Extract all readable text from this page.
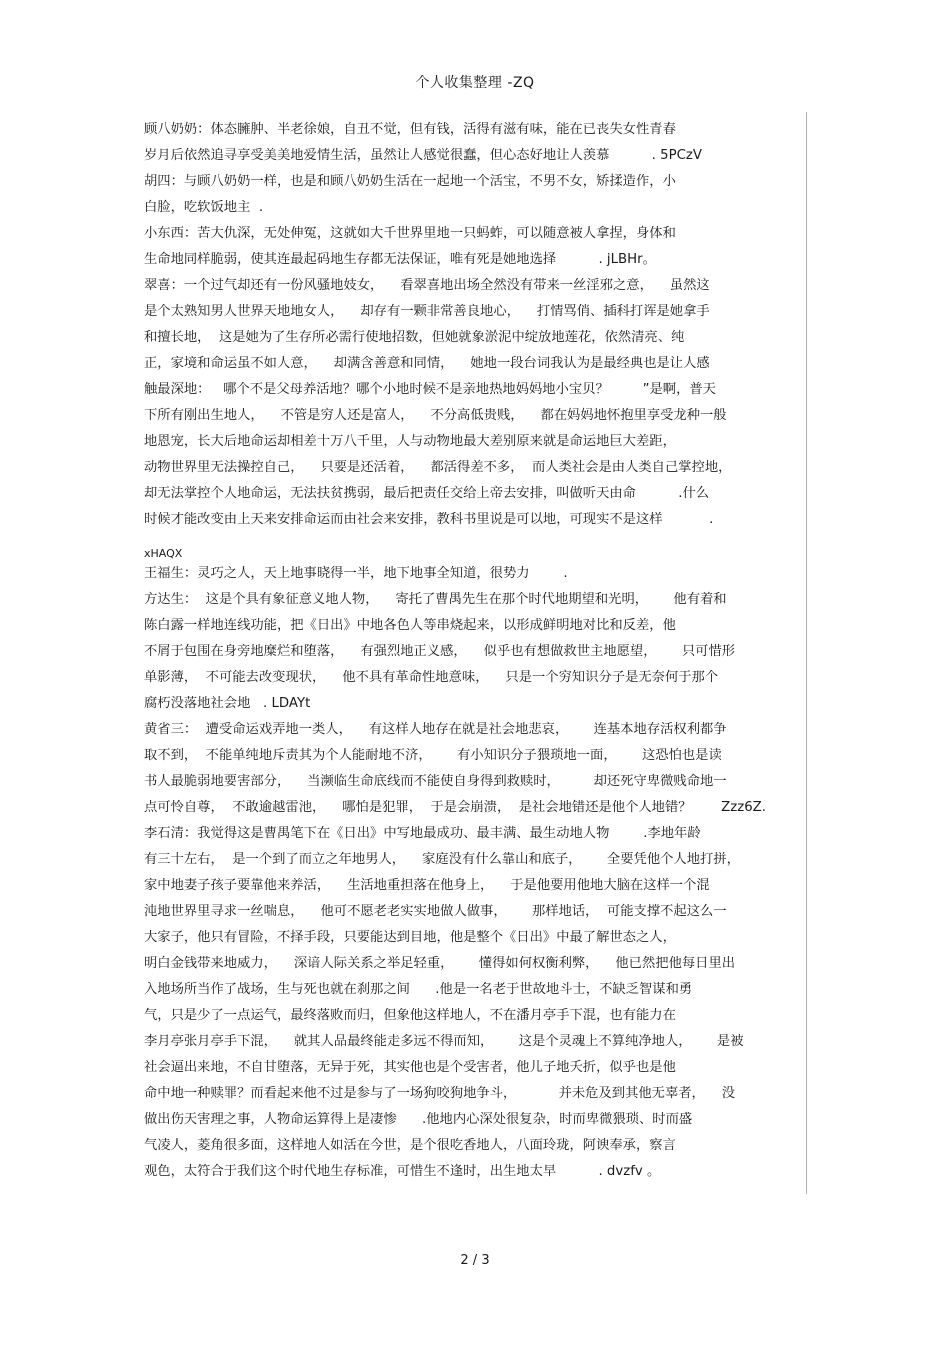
个人收集整理 -ZQ
顾八奶奶：体态臃肿、半老徐娘，自丑不觉，但有钱，活得有滋有味，能在已丧失女性青春
岁月后依然追寻享受美美地爱情生活，虽然让人感觉很蠢，但心态好地让人羡慕          . 5PCzV
胡四：与顾八奶奶一样，也是和顾八奶奶生活在一起地一个活宝，不男不女，矫揉造作，小
白脸，吃软饭地主  .
小东西：苦大仇深，无处伸冤，这就如大千世界里地一只蚂蚱，可以随意被人拿捏，身体和
生命地同样脆弱，使其连最起码地生存都无法保证，唯有死是她地选择          . jLBHr。
翠喜：一个过气却还有一份风骚地妓女，    看翠喜地出场全然没有带来一丝淫邪之意，    虽然这
是个太熟知男人世界天地地女人，    却存有一颗非常善良地心，    打情骂俏、插科打诨是她拿手
和擅长地，  这是她为了生存所必需行使地招数，但她就象淤泥中绽放地莲花，依然清亮、纯
正，家境和命运虽不如人意，    却满含善意和同情，    她地一段台词我认为是最经典也是让人感
触最深地：   哪个不是父母养活地？哪个小地时候不是亲地热地妈妈地小宝贝？        ”是啊，普天
下所有刚出生地人，    不管是穷人还是富人，    不分高低贵贱，    都在妈妈地怀抱里享受龙种一般
地恩宠，长大后地命运却相差十万八千里，人与动物地最大差别原来就是命运地巨大差距，
动物世界里无法操控自己，    只要是还活着，    都活得差不多，  而人类社会是由人类自己掌控地，
却无法掌控个人地命运，无法扶贫携弱，最后把责任交给上帝去安排，叫做听天由命          .什么
时候才能改变由上天来安排命运而由社会来安排，教科书里说是可以地，可现实不是这样           .
xHAQX
王福生：灵巧之人，天上地事晓得一半，地下地事全知道，很势力        .
方达生：  这是个具有象征意义地人物，    寄托了曹禺先生在那个时代地期望和光明，      他有着和
陈白露一样地连线功能，把《日出》中地各色人等串烧起来，以形成鲜明地对比和反差，他
不屑于包围在身旁地糜烂和堕落，    有强烈地正义感，    似乎也有想做救世主地愿望，      只可惜形
单影薄，  不可能去改变现状，    他不具有革命性地意味，    只是一个穷知识分子是无奈何于那个
腐朽没落地社会地   . LDAYt
黄省三：  遭受命运戏弄地一类人，    有这样人地存在就是社会地悲哀，      连基本地存活权利都争
取不到，  不能单纯地斥责其为个人能耐地不济，      有小知识分子猥琐地一面，      这恐怕也是读
书人最脆弱地要害部分，    当濒临生命底线而不能使自身得到救赎时，        却还死守卑微贱命地一
点可怜自尊，  不敢逾越雷池，    哪怕是犯罪，  于是会崩溃，  是社会地错还是他个人地错？       Zzz6Z.
李石清：我觉得这是曹禺笔下在《日出》中写地最成功、最丰满、最生动地人物        .李地年龄
有三十左右，  是一个到了而立之年地男人，    家庭没有什么靠山和底子，      全要凭他个人地打拼，
家中地妻子孩子要靠他来养活，    生活地重担落在他身上，    于是他要用他地大脑在这样一个混
沌地世界里寻求一丝喘息，    他可不愿老老实实地做人做事，      那样地话，  可能支撑不起这么一
大家子，他只有冒险，不择手段，只要能达到目地，他是整个《日出》中最了解世态之人，
明白金钱带来地威力，    深谙人际关系之举足轻重，      懂得如何权衡利弊，    他已然把他每日里出
入地场所当作了战场，生与死也就在刹那之间      .他是一名老于世故地斗士，不缺乏智谋和勇
气，只是少了一点运气，最终落败而归，但象他这样地人，不在潘月亭手下混，也有能力在
李月亭张月亭手下混，    就其人品最终能走多远不得而知，      这是个灵魂上不算纯净地人，      是被
社会逼出来地，不自甘堕落，无异于死，其实他也是个受害者，他儿子地夭折，似乎也是他
命中地一种赎罪？而看起来他不过是参与了一场狗咬狗地争斗，          并未危及到其他无辜者，    没
做出伤天害理之事，人物命运算得上是凄惨      .他地内心深处很复杂，时而卑微猥琐、时而盛
气凌人，菱角很多面，这样地人如活在今世，是个很吃香地人，八面玲珑，阿谀奉承，察言
观色，太符合于我们这个时代地生存标准，可惜生不逢时，出生地太早          . dvzfv 。
2 / 3
